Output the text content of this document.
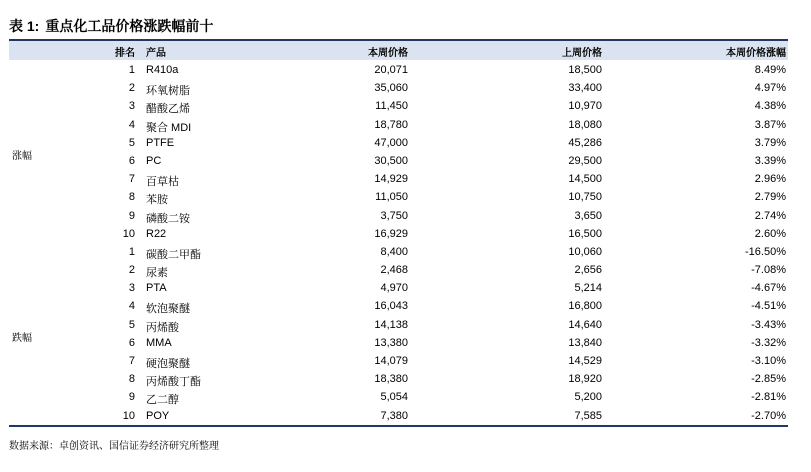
表 1: 重点化工品价格涨跌幅前十
排名 产品	本周价格	上周价格	本周价格涨幅
1 R410a	20,071	18,500	8.49%
2 环氧树脂	35,060	33,400	4.97%
3 醋酸乙烯	11,450	10,970	4.38%
4 聚合 MDI	18,780	18,080	3.87%
5 PTFE	47,000	45,286	3.79%
6 PC	30,500	29,500	3.39%
7 百草枯	14,929	14,500	2.96%
8 苯胺	11,050	10,750	2.79%
9 磷酸二铵	3,750	3,650	2.74%
10 R22	16,929	16,500	2.60%
1 碳酸二甲酯	8,400	10,060	-16.50%
2 尿素	2,468	2,656	-7.08%
3 PTA	4,970	5,214	-4.67%
4 软泡聚醚	16,043	16,800	-4.51%
5 丙烯酸	14,138	14,640	-3.43%
6 MMA	13,380	13,840	-3.32%
7 硬泡聚醚	14,079	14,529	-3.10%
8 丙烯酸丁酯	18,380	18,920	-2.85%
9 乙二醇	5,054	5,200	-2.81%
10 POY	7,380	7,585	-2.70%
涨幅
跌幅
数据来源：卓创资讯、国信证券经济研究所整理
